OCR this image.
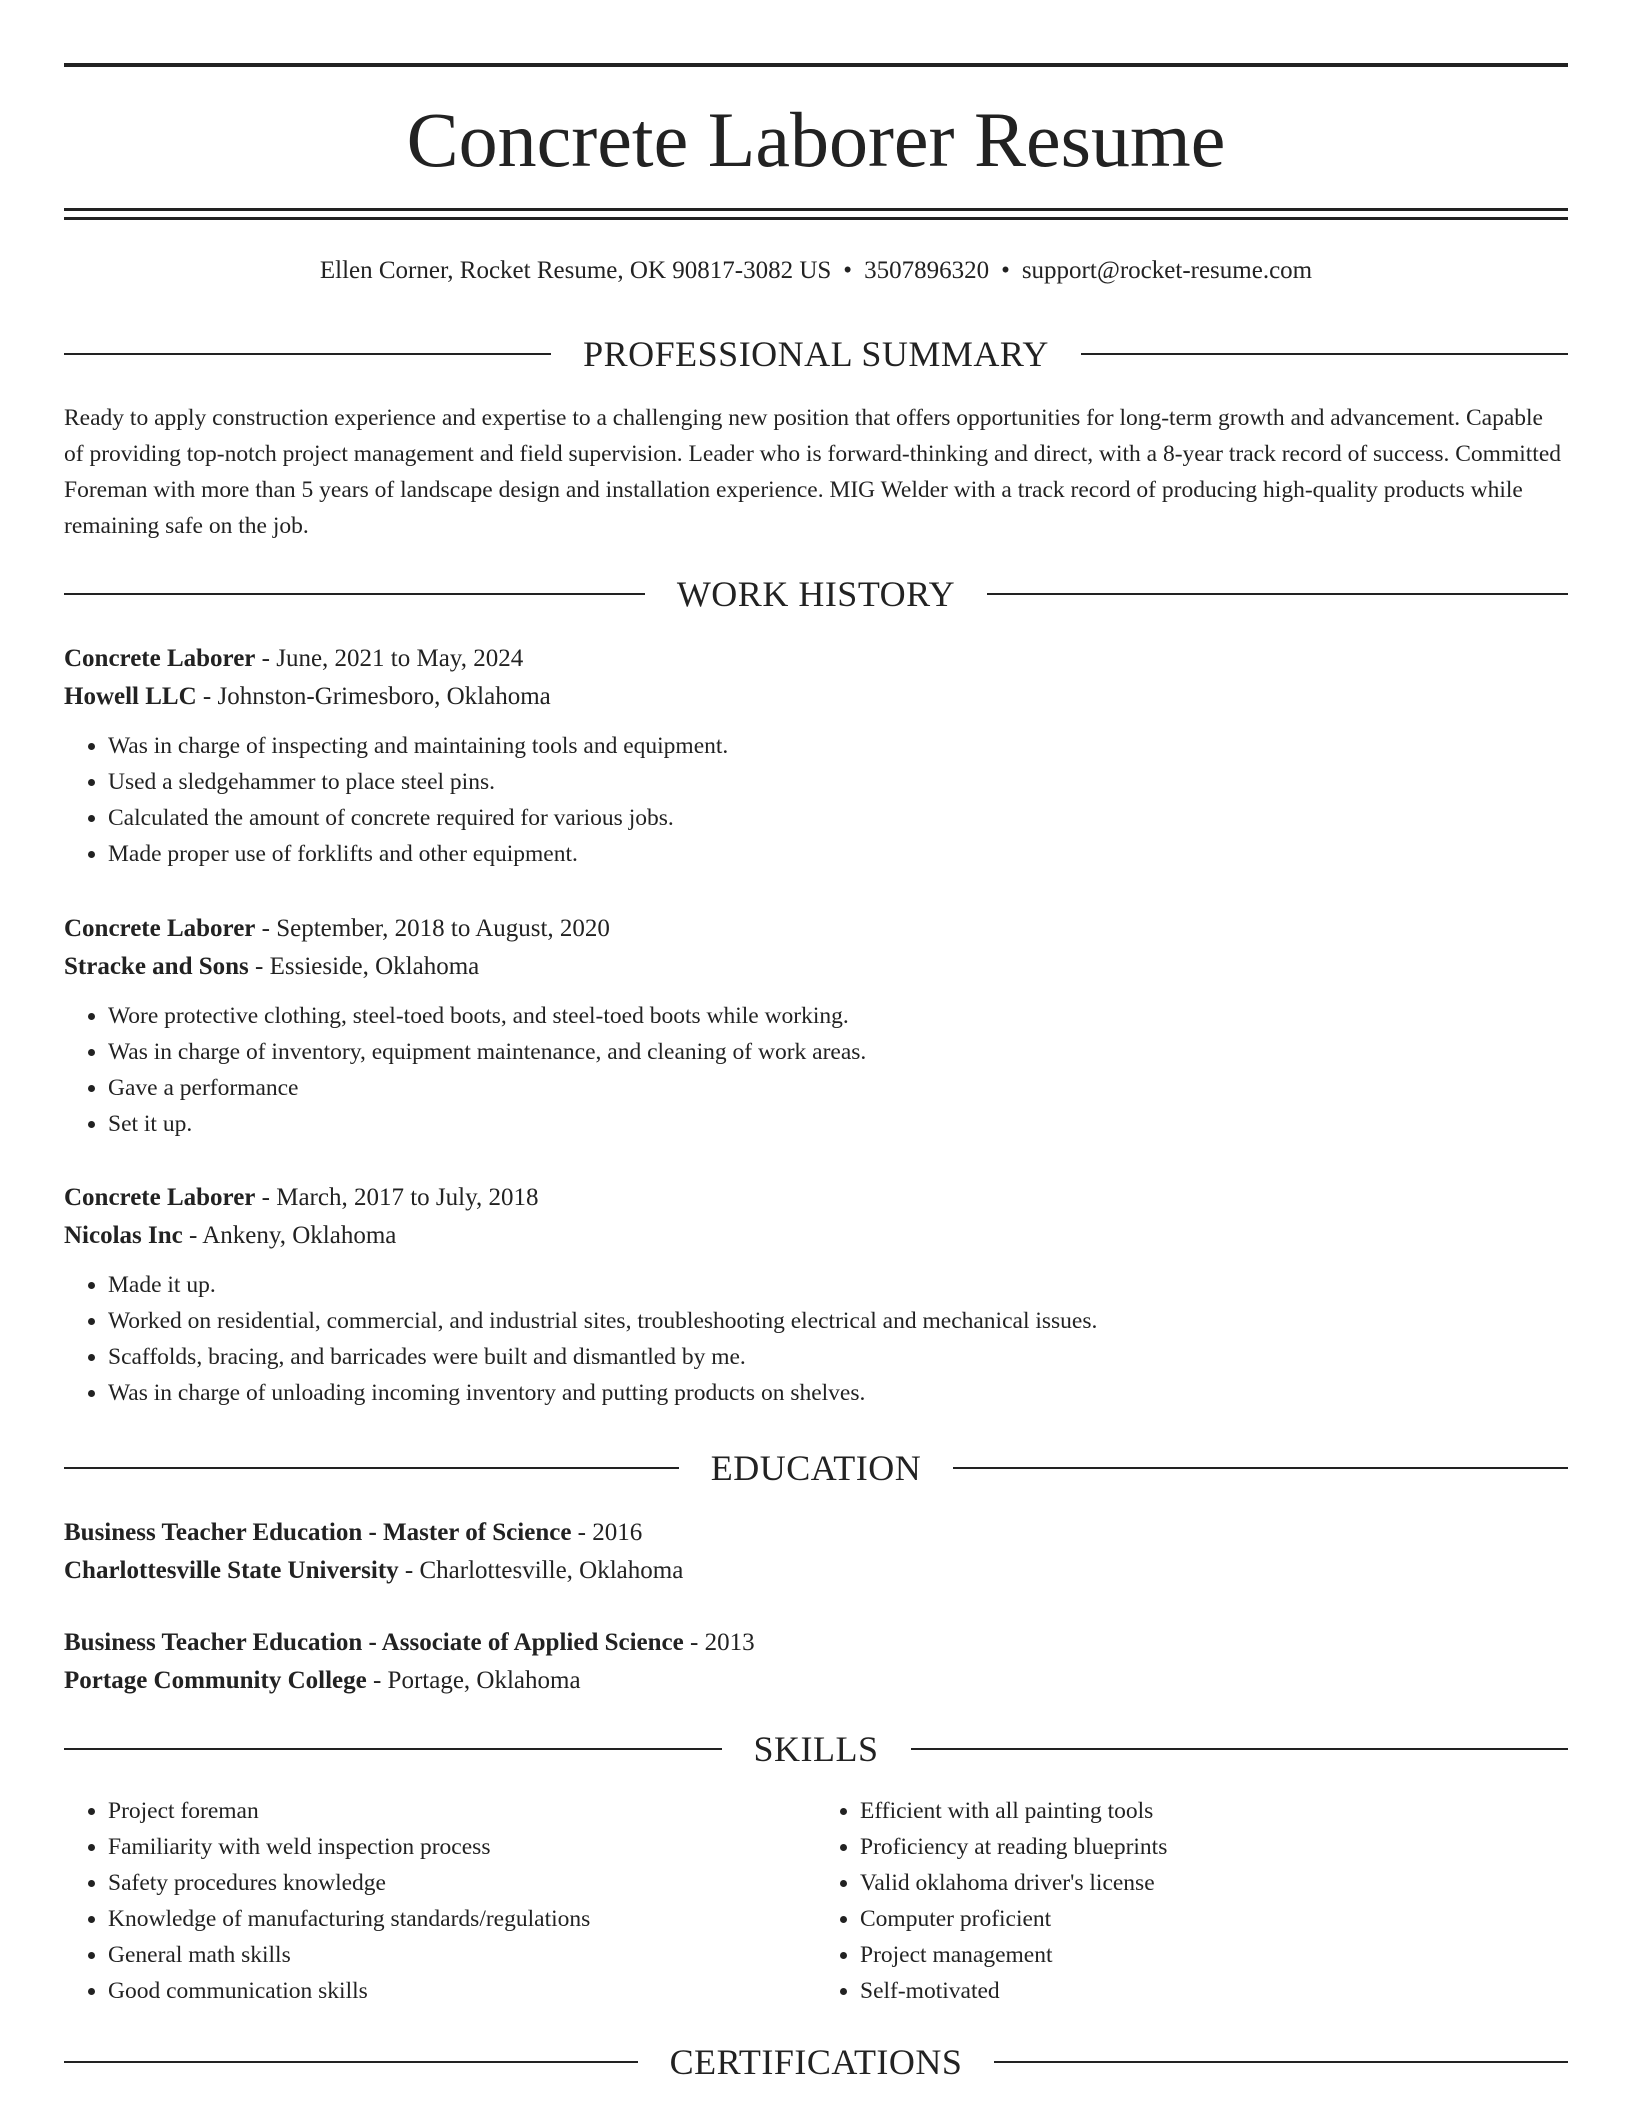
Concrete Laborer Resume
Ellen Corner, Rocket Resume, OK 90817-3082 US • 3507896320 • support@rocket-resume.com
PROFESSIONAL SUMMARY

Ready to apply construction experience and expertise to a challenging new position that offers opportunities for long-term growth and advancement. Capable of providing top-notch project management and field supervision. Leader who is forward-thinking and direct, with a 8-year track record of success. Committed Foreman with more than 5 years of landscape design and installation experience. MIG Welder with a track record of producing high-quality products while remaining safe on the job.

WORK HISTORY
Concrete Laborer - June, 2021 to May, 2024
Howell LLC - Johnston-Grimesboro, Oklahoma
• Was in charge of inspecting and maintaining tools and equipment.
• Used a sledgehammer to place steel pins.
• Calculated the amount of concrete required for various jobs.
• Made proper use of forklifts and other equipment.
Concrete Laborer - September, 2018 to August, 2020
Stracke and Sons - Essieside, Oklahoma
• Wore protective clothing, steel-toed boots, and steel-toed boots while working.
• Was in charge of inventory, equipment maintenance, and cleaning of work areas.
• Gave a performance
• Set it up.
Concrete Laborer - March, 2017 to July, 2018
Nicolas Inc - Ankeny, Oklahoma
• Made it up.
• Worked on residential, commercial, and industrial sites, troubleshooting electrical and mechanical issues.
• Scaffolds, bracing, and barricades were built and dismantled by me.
• Was in charge of unloading incoming inventory and putting products on shelves.
EDUCATION
Business Teacher Education - Master of Science - 2016
Charlottesville State University - Charlottesville, Oklahoma
Business Teacher Education - Associate of Applied Science - 2013
Portage Community College - Portage, Oklahoma
SKILLS
• Project foreman
• Familiarity with weld inspection process
• Safety procedures knowledge
• Knowledge of manufacturing standards/regulations
• General math skills
• Good communication skills
• Efficient with all painting tools
• Proficiency at reading blueprints
• Valid oklahoma driver's license
• Computer proficient
• Project management
• Self-motivated
CERTIFICATIONS
